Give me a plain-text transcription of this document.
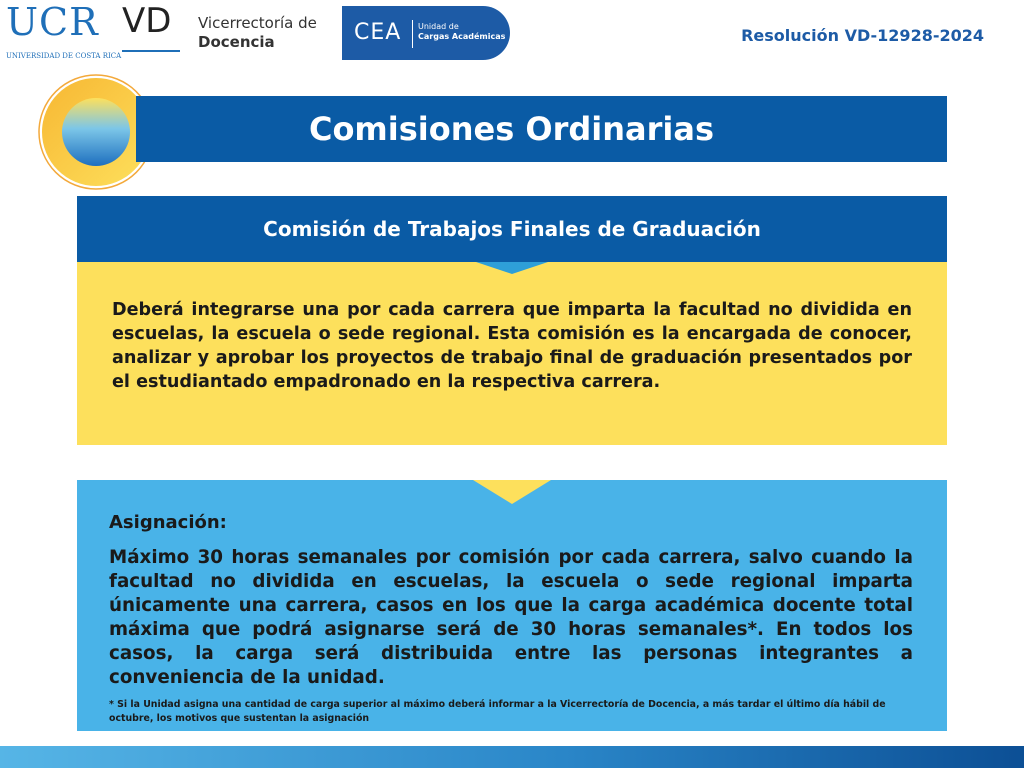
UCR
UNIVERSIDAD DE COSTA RICA
VD	Vicerrectoría de
Docencia	CEA Unidad de
Cargas Académicas	Resolución VD-12928-2024
Comisiones Ordinarias
Comisión de Trabajos Finales de Graduación
Deberá integrarse una por cada carrera que imparta la facultad no dividida en escuelas, la escuela o sede regional. Esta comisión es la encargada de conocer, analizar y aprobar los proyectos de trabajo final de graduación presentados por el estudiantado empadronado en la respectiva carrera.
Asignación:
Máximo 30 horas semanales por comisión por cada carrera, salvo cuando la facultad no dividida en escuelas, la escuela o sede regional imparta únicamente una carrera, casos en los que la carga académica docente total máxima que podrá asignarse será de 30 horas semanales*. En todos los casos, la carga será distribuida entre las personas integrantes a conveniencia de la unidad.
* Si la Unidad asigna una cantidad de carga superior al máximo deberá informar a la Vicerrectoría de Docencia, a más tardar el último día hábil de octubre, los motivos que sustentan la asignación
